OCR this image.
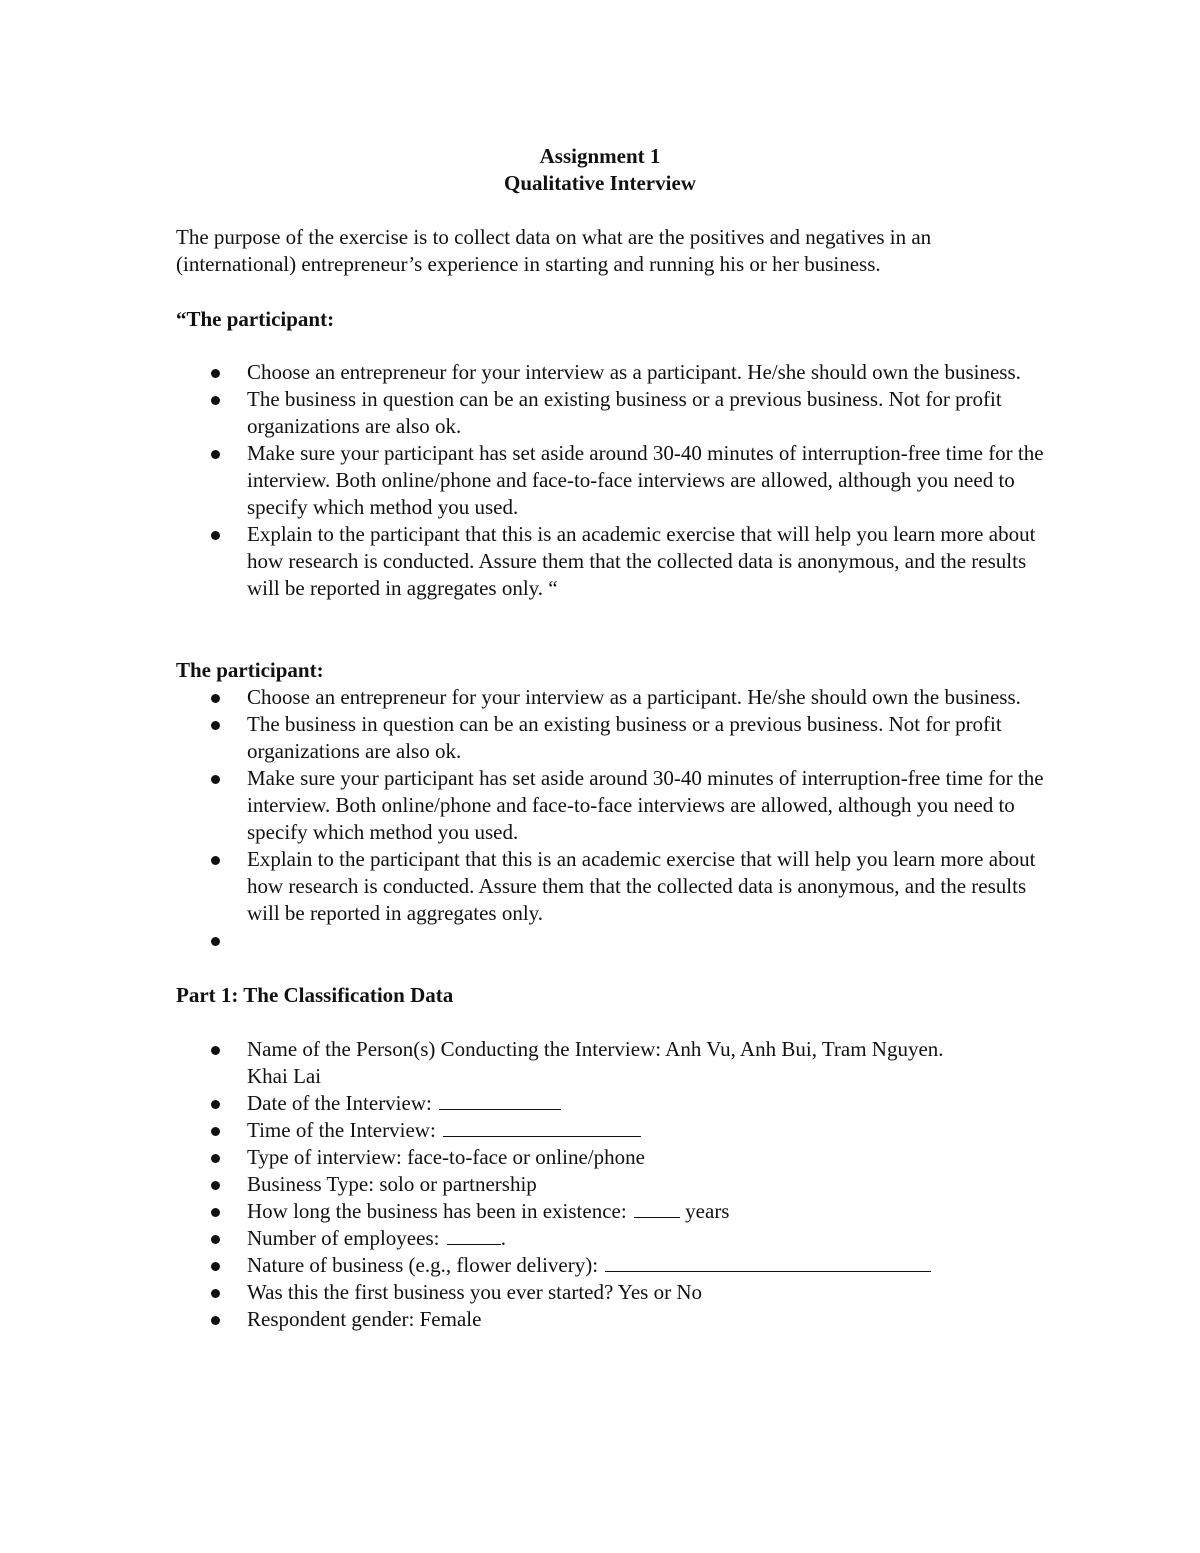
Assignment 1
Qualitative Interview

The purpose of the exercise is to collect data on what are the positives and negatives in an (international) entrepreneur’s experience in starting and running his or her business.

“The participant:

Choose an entrepreneur for your interview as a participant. He/she should own the business.
The business in question can be an existing business or a previous business. Not for profit organizations are also ok.
Make sure your participant has set aside around 30-40 minutes of interruption-free time for the interview. Both online/phone and face-to-face interviews are allowed, although you need to specify which method you used.
Explain to the participant that this is an academic exercise that will help you learn more about how research is conducted. Assure them that the collected data is anonymous, and the results will be reported in aggregates only. “

The participant:

Choose an entrepreneur for your interview as a participant. He/she should own the business.
The business in question can be an existing business or a previous business. Not for profit organizations are also ok.
Make sure your participant has set aside around 30-40 minutes of interruption-free time for the interview. Both online/phone and face-to-face interviews are allowed, although you need to specify which method you used.
Explain to the participant that this is an academic exercise that will help you learn more about how research is conducted. Assure them that the collected data is anonymous, and the results will be reported in aggregates only.

Part 1: The Classification Data

Name of the Person(s) Conducting the Interview: Anh Vu, Anh Bui, Tram Nguyen. Khai Lai
Date of the Interview:
Time of the Interview:
Type of interview: face-to-face or online/phone
Business Type: solo or partnership
How long the business has been in existence:	years
Number of employees:	.
Nature of business (e.g., flower delivery):
Was this the first business you ever started? Yes or No
Respondent gender: Female
